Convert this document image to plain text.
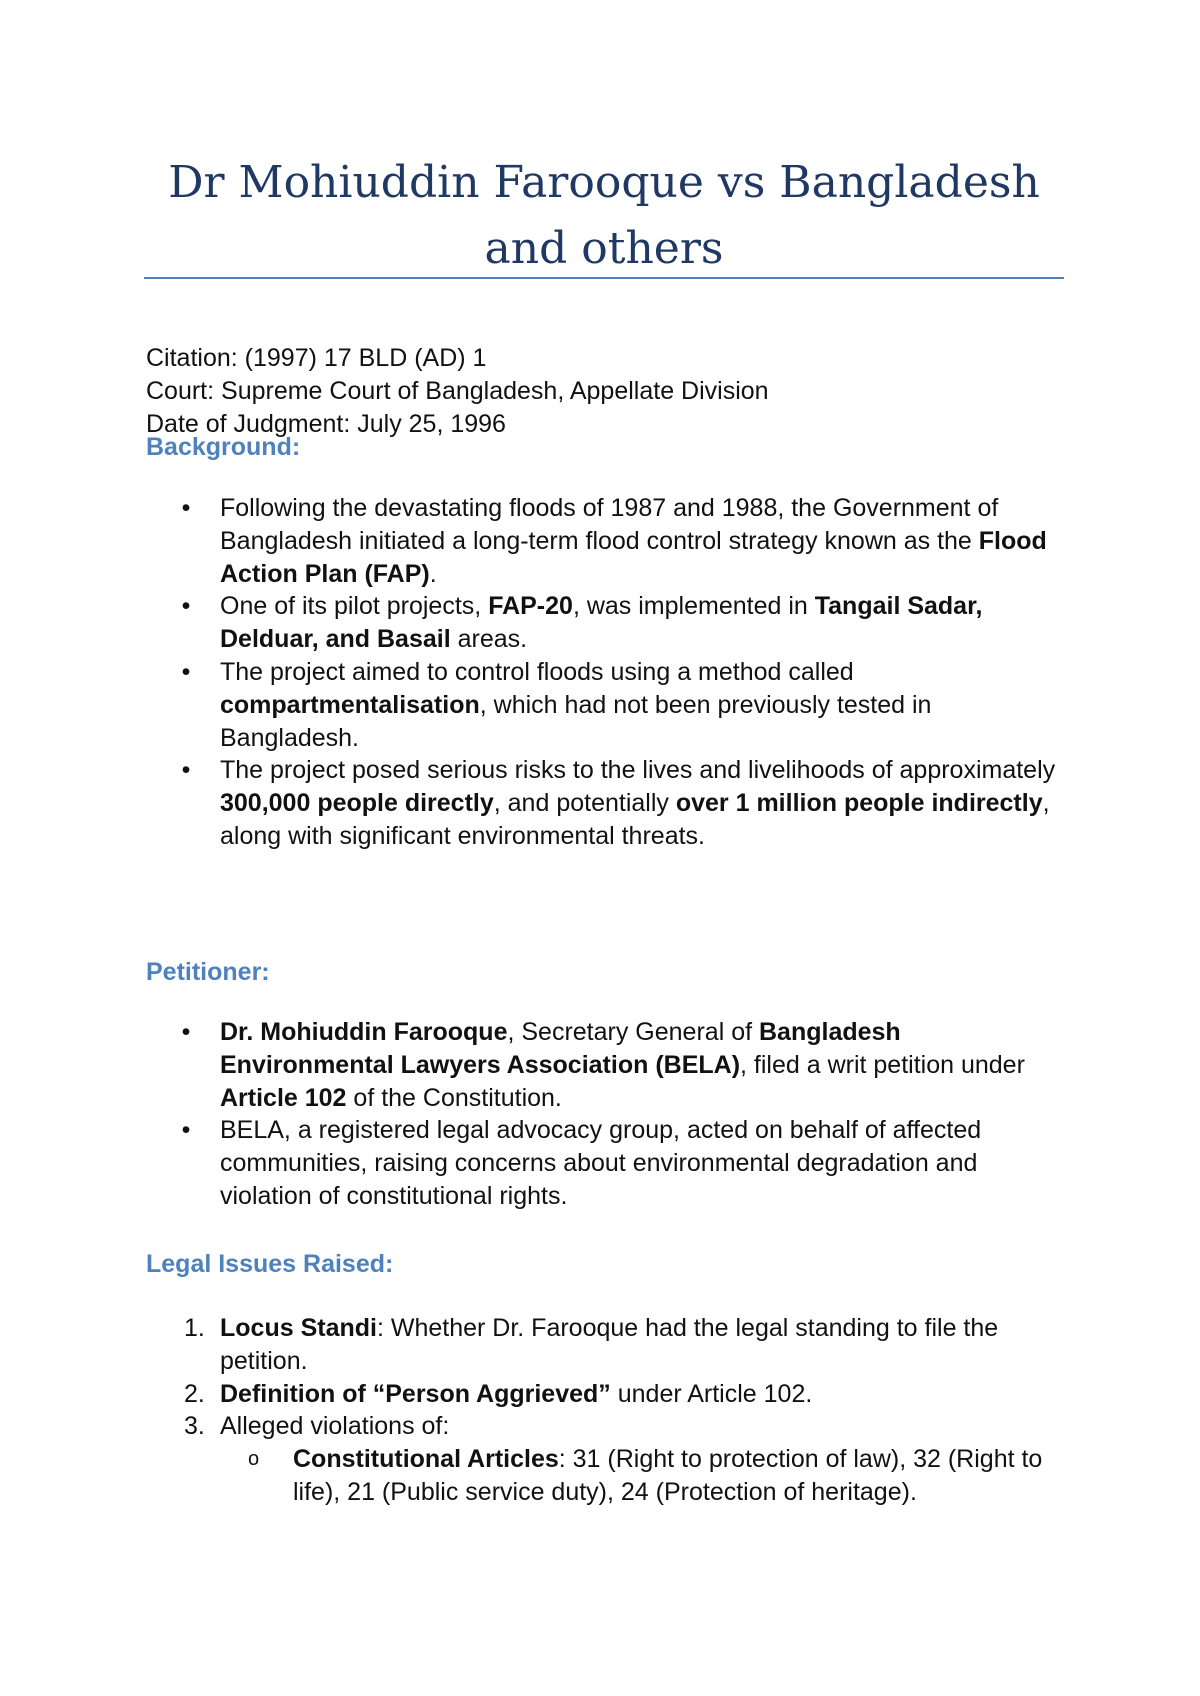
Dr Mohiuddin Farooque vs Bangladesh
and others
Citation: (1997) 17 BLD (AD) 1
Court: Supreme Court of Bangladesh, Appellate Division
Date of Judgment: July 25, 1996
Background:
• Following the devastating floods of 1987 and 1988, the Government of Bangladesh initiated a long-term flood control strategy known as the Flood Action Plan (FAP).
• One of its pilot projects, FAP-20, was implemented in Tangail Sadar, Delduar, and Basail areas.
• The project aimed to control floods using a method called compartmentalisation, which had not been previously tested in Bangladesh.
• The project posed serious risks to the lives and livelihoods of approximately 300,000 people directly, and potentially over 1 million people indirectly, along with significant environmental threats.
Petitioner:
• Dr. Mohiuddin Farooque, Secretary General of Bangladesh Environmental Lawyers Association (BELA), filed a writ petition under Article 102 of the Constitution.
• BELA, a registered legal advocacy group, acted on behalf of affected communities, raising concerns about environmental degradation and violation of constitutional rights.
Legal Issues Raised:
1. Locus Standi: Whether Dr. Farooque had the legal standing to file the petition.
2. Definition of “Person Aggrieved” under Article 102.
3. Alleged violations of:
o Constitutional Articles: 31 (Right to protection of law), 32 (Right to life), 21 (Public service duty), 24 (Protection of heritage).
